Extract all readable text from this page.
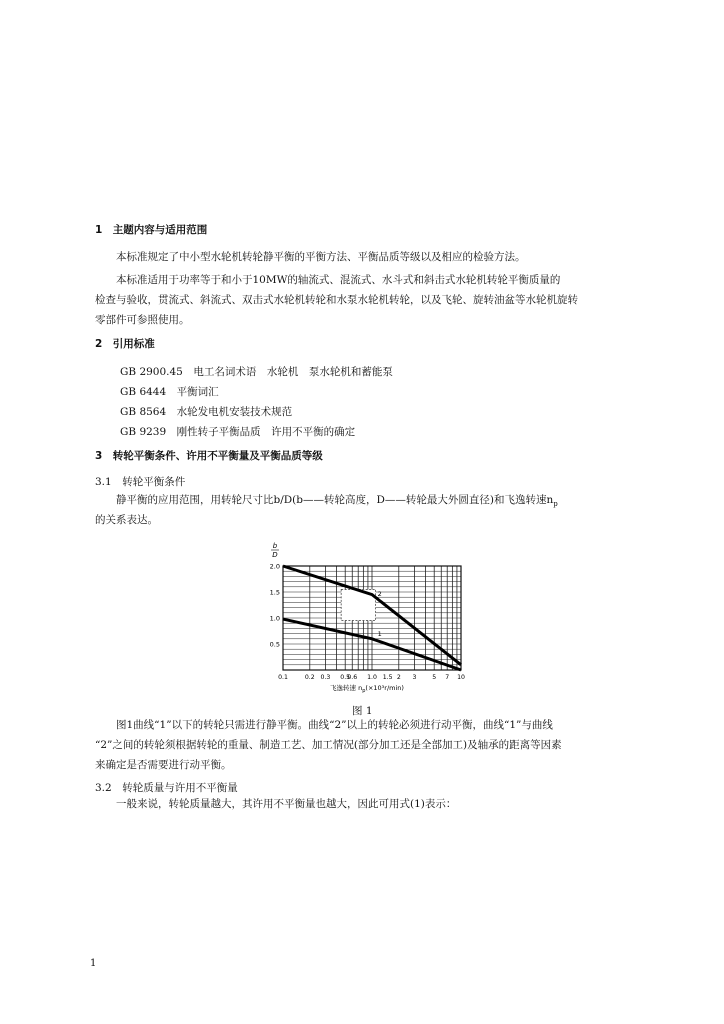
1　主题内容与适用范围
本标准规定了中小型水轮机转轮静平衡的平衡方法、平衡品质等级以及相应的检验方法。
本标准适用于功率等于和小于10MW的轴流式、混流式、水斗式和斜击式水轮机转轮平衡质量的
检查与验收，贯流式、斜流式、双击式水轮机转轮和水泵水轮机转轮，以及飞轮、旋转油盆等水轮机旋转
零部件可参照使用。
2　引用标准
GB 2900.45　电工名词术语　水轮机　泵水轮机和蓄能泵
GB 6444　平衡词汇
GB 8564　水轮发电机安装技术规范
GB 9239　刚性转子平衡品质　许用不平衡的确定
3　转轮平衡条件、许用不平衡量及平衡品质等级
3.1　转轮平衡条件
静平衡的应用范围，用转轮尺寸比b/D(b——转轮高度，D——转轮最大外圆直径)和飞逸转速$n_p$
的关系表达。
b
D
1
2
0.5
1.0
1.5
2.0
0.1	0.2 0.3 0.5
0.6 1.0 1.5 2 3	5 7 10
飞逸转速 $n_p(\times 10^3r/\min)$
图 1
图1曲线“1”以下的转轮只需进行静平衡。曲线“2”以上的转轮必须进行动平衡，曲线“1”与曲线
“2”之间的转轮须根据转轮的重量、制造工艺、加工情况(部分加工还是全部加工)及轴承的距离等因素
来确定是否需要进行动平衡。
3.2　转轮质量与许用不平衡量
一般来说，转轮质量越大，其许用不平衡量也越大，因此可用式(1)表示：
1
